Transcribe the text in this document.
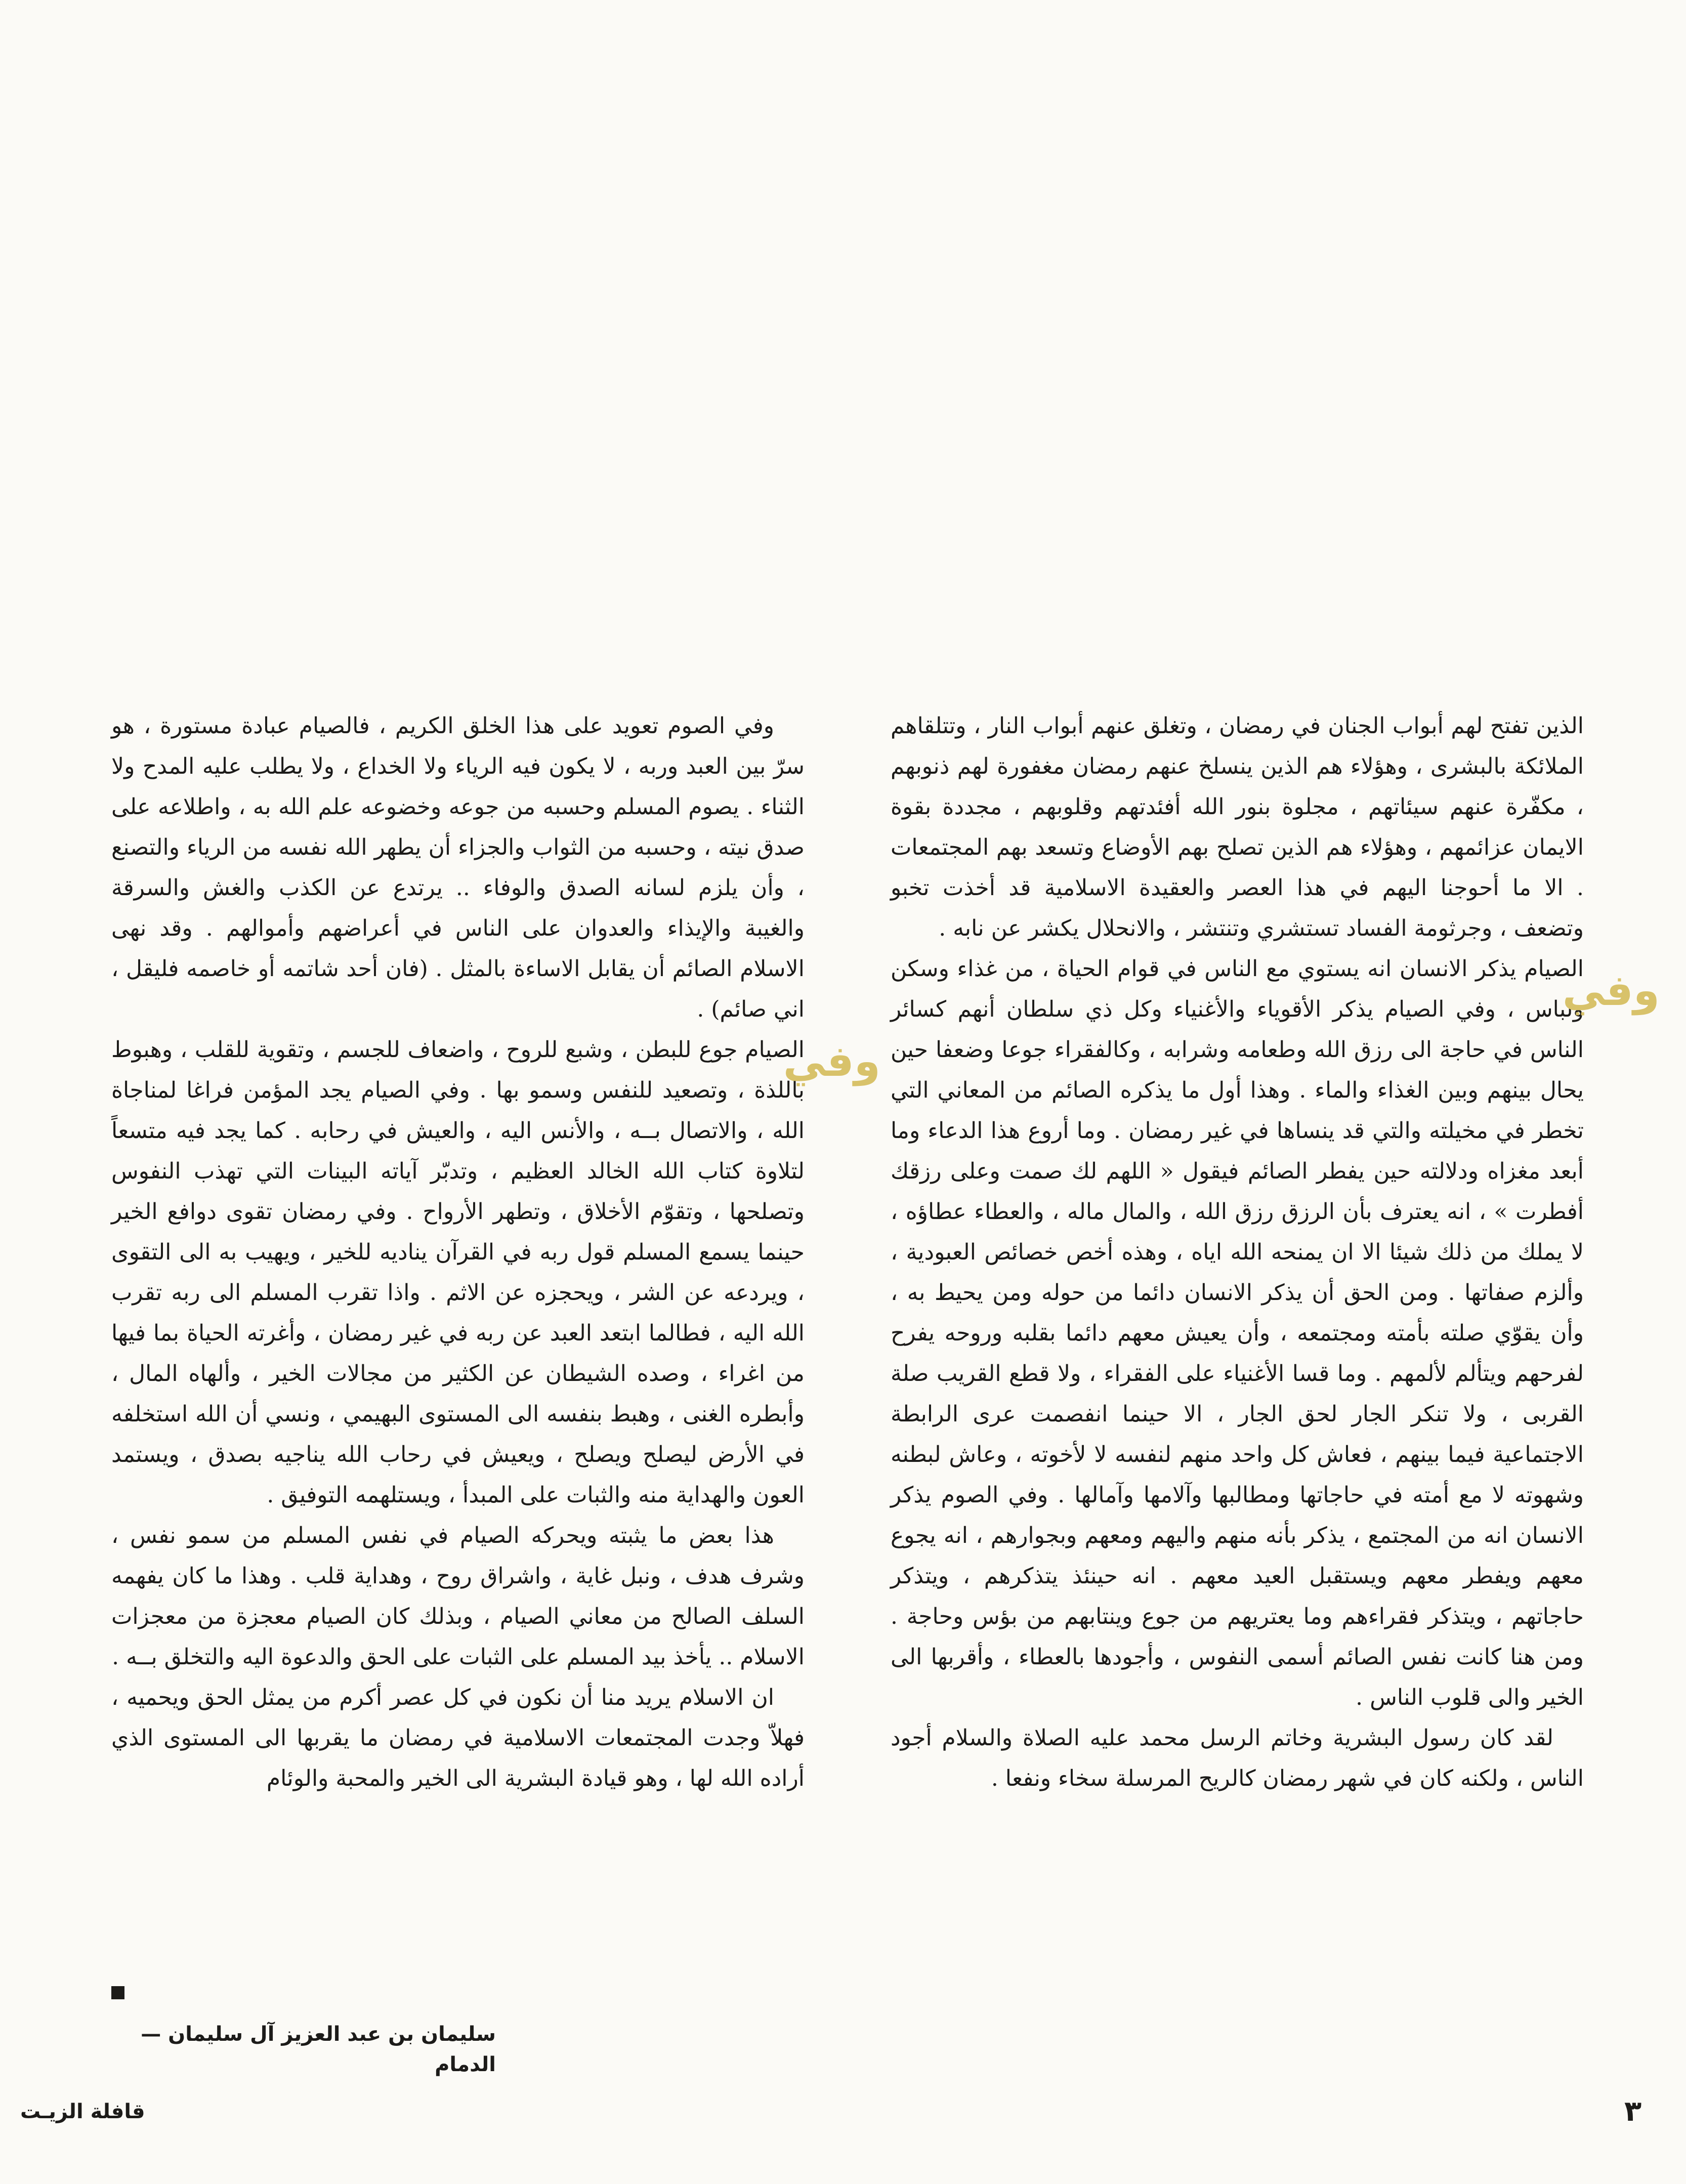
الذين تفتح لهم أبواب الجنان في رمضان ، وتغلق عنهم أبواب النار ، وتتلقاهم الملائكة بالبشرى ، وهؤلاء هم الذين ينسلخ عنهم رمضان مغفورة لهم ذنوبهم ، مكفّرة عنهم سيئاتهم ، مجلوة بنور الله أفئدتهم وقلوبهم ، مجددة بقوة الايمان عزائمهم ، وهؤلاء هم الذين تصلح بهم الأوضاع وتسعد بهم المجتمعات . الا ما أحوجنا اليهم في هذا العصر والعقيدة الاسلامية قد أخذت تخبو وتضعف ، وجرثومة الفساد تستشري وتنتشر ، والانحلال يكشر عن نابه .

وفي

الصيام يذكر الانسان انه يستوي مع الناس في قوام الحياة ، من غذاء وسكن ولباس ، وفي الصيام يذكر الأقوياء والأغنياء وكل ذي سلطان أنهم كسائر الناس في حاجة الى رزق الله وطعامه وشرابه ، وكالفقراء جوعا وضعفا حين يحال بينهم وبين الغذاء والماء . وهذا أول ما يذكره الصائم من المعاني التي تخطر في مخيلته والتي قد ينساها في غير رمضان . وما أروع هذا الدعاء وما أبعد مغزاه ودلالته حين يفطر الصائم فيقول « اللهم لك صمت وعلى رزقك أفطرت » ، انه يعترف بأن الرزق رزق الله ، والمال ماله ، والعطاء عطاؤه ، لا يملك من ذلك شيئا الا ان يمنحه الله اياه ، وهذه أخص خصائص العبودية ، وألزم صفاتها . ومن الحق أن يذكر الانسان دائما من حوله ومن يحيط به ، وأن يقوّي صلته بأمته ومجتمعه ، وأن يعيش معهم دائما بقلبه وروحه يفرح لفرحهم ويتألم لألمهم . وما قسا الأغنياء على الفقراء ، ولا قطع القريب صلة القربى ، ولا تنكر الجار لحق الجار ، الا حينما انفصمت عرى الرابطة الاجتماعية فيما بينهم ، فعاش كل واحد منهم لنفسه لا لأخوته ، وعاش لبطنه وشهوته لا مع أمته في حاجاتها ومطالبها وآلامها وآمالها . وفي الصوم يذكر الانسان انه من المجتمع ، يذكر بأنه منهم واليهم ومعهم وبجوارهم ، انه يجوع معهم ويفطر معهم ويستقبل العيد معهم . انه حينئذ يتذكرهم ، ويتذكر حاجاتهم ، ويتذكر فقراءهم وما يعتريهم من جوع وينتابهم من بؤس وحاجة . ومن هنا كانت نفس الصائم أسمى النفوس ، وأجودها بالعطاء ، وأقربها الى الخير والى قلوب الناس .

لقد كان رسول البشرية وخاتم الرسل محمد عليه الصلاة والسلام أجود الناس ، ولكنه كان في شهر رمضان كالريح المرسلة سخاء ونفعا .

وفي الصوم تعويد على هذا الخلق الكريم ، فالصيام عبادة مستورة ، هو سرّ بين العبد وربه ، لا يكون فيه الرياء ولا الخداع ، ولا يطلب عليه المدح ولا الثناء . يصوم المسلم وحسبه من جوعه وخضوعه علم الله به ، واطلاعه على صدق نيته ، وحسبه من الثواب والجزاء أن يطهر الله نفسه من الرياء والتصنع ، وأن يلزم لسانه الصدق والوفاء .. يرتدع عن الكذب والغش والسرقة والغيبة والإيذاء والعدوان على الناس في أعراضهم وأموالهم . وقد نهى الاسلام الصائم أن يقابل الاساءة بالمثل . (فان أحد شاتمه أو خاصمه فليقل ، اني صائم) .

وفي

الصيام جوع للبطن ، وشبع للروح ، واضعاف للجسم ، وتقوية للقلب ، وهبوط باللذة ، وتصعيد للنفس وسمو بها . وفي الصيام يجد المؤمن فراغا لمناجاة الله ، والاتصال بــه ، والأنس اليه ، والعيش في رحابه . كما يجد فيه متسعاً لتلاوة كتاب الله الخالد العظيم ، وتدبّر آياته البينات التي تهذب النفوس وتصلحها ، وتقوّم الأخلاق ، وتطهر الأرواح . وفي رمضان تقوى دوافع الخير حينما يسمع المسلم قول ربه في القرآن يناديه للخير ، ويهيب به الى التقوى ، ويردعه عن الشر ، ويحجزه عن الاثم . واذا تقرب المسلم الى ربه تقرب الله اليه ، فطالما ابتعد العبد عن ربه في غير رمضان ، وأغرته الحياة بما فيها من اغراء ، وصده الشيطان عن الكثير من مجالات الخير ، وألهاه المال ، وأبطره الغنى ، وهبط بنفسه الى المستوى البهيمي ، ونسي أن الله استخلفه في الأرض ليصلح ويصلح ، ويعيش في رحاب الله يناجيه بصدق ، ويستمد العون والهداية منه والثبات على المبدأ ، ويستلهمه التوفيق .

هذا بعض ما يثبته ويحركه الصيام في نفس المسلم من سمو نفس ، وشرف هدف ، ونبل غاية ، واشراق روح ، وهداية قلب . وهذا ما كان يفهمه السلف الصالح من معاني الصيام ، وبذلك كان الصيام معجزة من معجزات الاسلام .. يأخذ بيد المسلم على الثبات على الحق والدعوة اليه والتخلق بــه .

ان الاسلام يريد منا أن نكون في كل عصر أكرم من يمثل الحق ويحميه ، فهلاّ وجدت المجتمعات الاسلامية في رمضان ما يقربها الى المستوى الذي أراده الله لها ، وهو قيادة البشرية الى الخير والمحبة والوئام

سليمان بن عبد العزيز آل سليمان — الدمام
قافلة الزيـت	٣
